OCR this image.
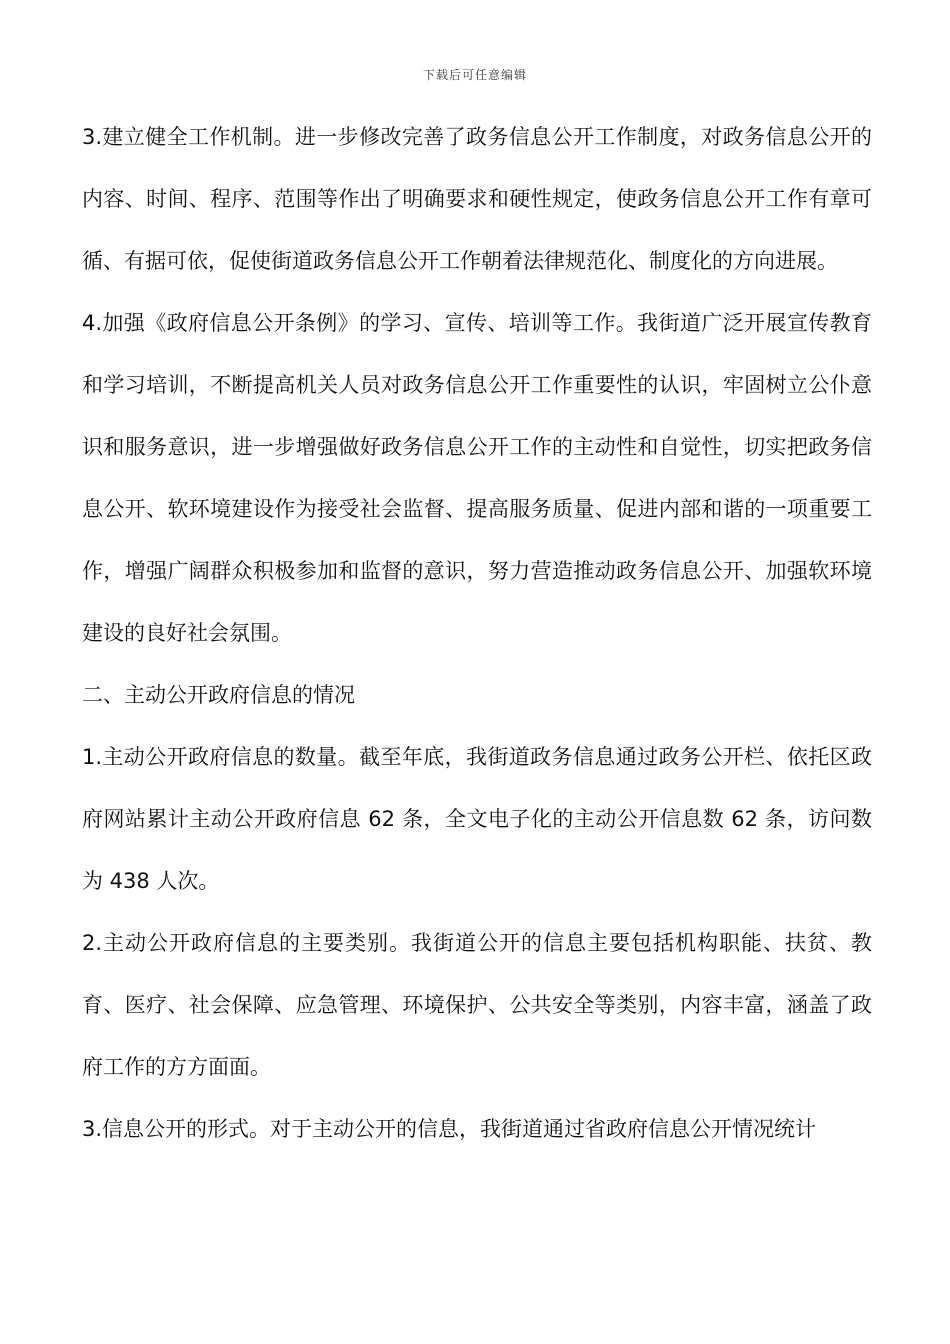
下载后可任意编辑

3.建立健全工作机制。进一步修改完善了政务信息公开工作制度，对政务信息公开的内容、时间、程序、范围等作出了明确要求和硬性规定，使政务信息公开工作有章可循、有据可依，促使街道政务信息公开工作朝着法律规范化、制度化的方向进展。

4.加强《政府信息公开条例》的学习、宣传、培训等工作。我街道广泛开展宣传教育和学习培训，不断提高机关人员对政务信息公开工作重要性的认识，牢固树立公仆意识和服务意识，进一步增强做好政务信息公开工作的主动性和自觉性，切实把政务信息公开、软环境建设作为接受社会监督、提高服务质量、促进内部和谐的一项重要工作，增强广阔群众积极参加和监督的意识，努力营造推动政务信息公开、加强软环境建设的良好社会氛围。

二、主动公开政府信息的情况

1.主动公开政府信息的数量。截至年底，我街道政务信息通过政务公开栏、依托区政府网站累计主动公开政府信息 62 条，全文电子化的主动公开信息数 62 条，访问数为 438 人次。

2.主动公开政府信息的主要类别。我街道公开的信息主要包括机构职能、扶贫、教育、医疗、社会保障、应急管理、环境保护、公共安全等类别，内容丰富，涵盖了政府工作的方方面面。

3.信息公开的形式。对于主动公开的信息，我街道通过省政府信息公开情况统计
